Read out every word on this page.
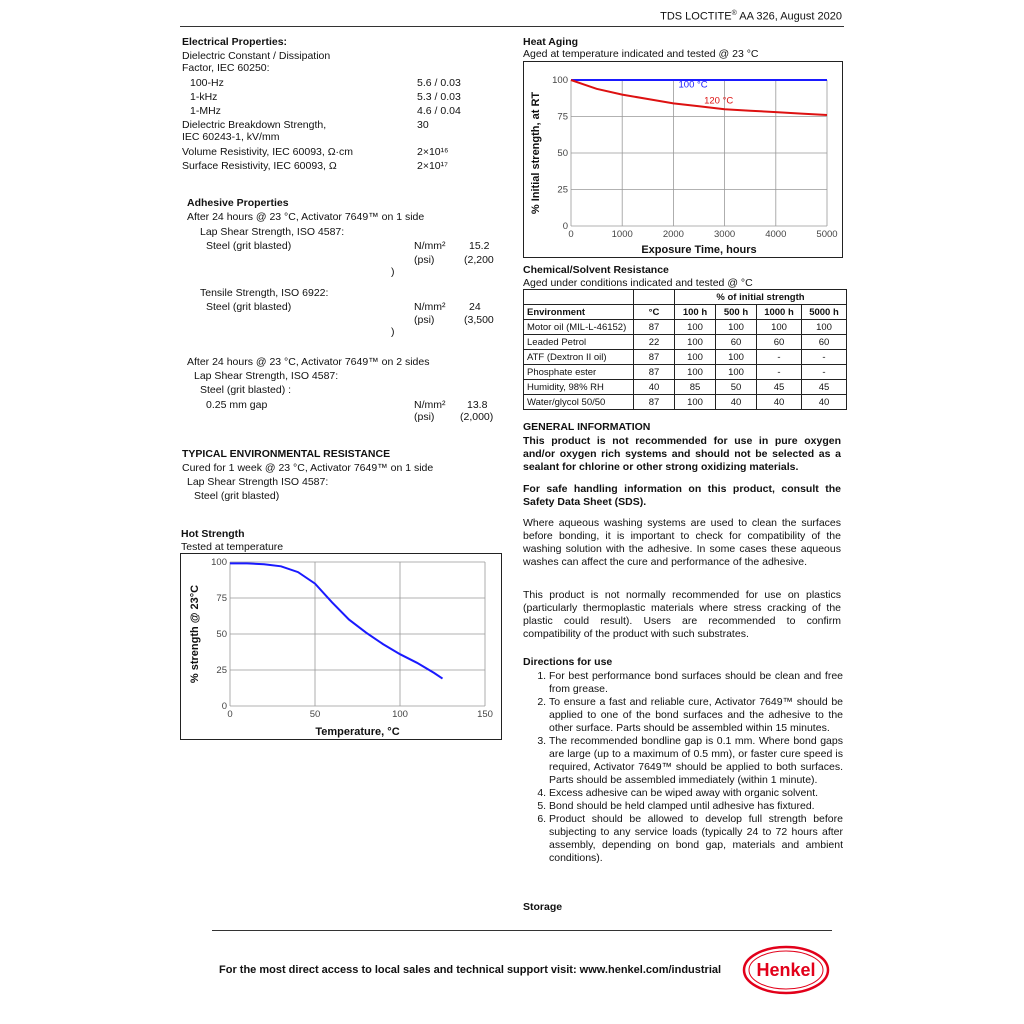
TDS LOCTITE® AA 326, August 2020
Electrical Properties:
Dielectric Constant / Dissipation
Factor, IEC 60250:
100-Hz	5.6 / 0.03
1-kHz	5.3 / 0.03
1-MHz	4.6 / 0.04
Dielectric Breakdown Strength,	30
IEC 60243-1, kV/mm
Volume Resistivity, IEC 60093, Ω·cm	2×10¹⁶
Surface Resistivity, IEC 60093, Ω	2×10¹⁷
Adhesive Properties
After 24 hours @ 23 °C, Activator 7649™ on 1 side
Lap Shear Strength, ISO 4587:
Steel (grit blasted)	N/mm² 15.2
(psi)	(2,200
)
Tensile Strength, ISO 6922:
Steel (grit blasted)	N/mm² 24
(psi)	(3,500
)
After 24 hours @ 23 °C, Activator 7649™ on 2 sides
Lap Shear Strength, ISO 4587:
Steel (grit blasted) :
0.25 mm gap	N/mm² 13.8
(psi) (2,000)
TYPICAL ENVIRONMENTAL RESISTANCE
Cured for 1 week @ 23 °C, Activator 7649™ on 1 side
Lap Shear Strength ISO 4587:
Steel (grit blasted)
Hot Strength
Tested at temperature
0	50	100	150
0
25
50
75
100
Temperature, °C
% strength @ 23°C
Heat Aging
Aged at temperature indicated and tested @ 23 °C
0	1000	2000	3000	4000	5000
0
25
50
75
100
Exposure Time, hours
% Initial strength, at RT
100 °C
120 °C
Chemical/Solvent Resistance
Aged under conditions indicated and tested @ °C
		% of initial strength			
Environment	°C	100 h	500 h	1000 h	5000 h
Motor oil (MIL-L-46152)	87	100	100	100	100
Leaded Petrol	22	100	60	60	60
ATF (Dextron II oil)	87	100	100	-	-
Phosphate ester	87	100	100	-	-
Humidity, 98% RH	40	85	50	45	45
Water/glycol 50/50	87	100	40	40	40
GENERAL INFORMATION
This product is not recommended for use in pure oxygen and/or oxygen rich systems and should not be selected as a sealant for chlorine or other strong oxidizing materials.
For safe handling information on this product, consult the Safety Data Sheet (SDS).
Where aqueous washing systems are used to clean the surfaces before bonding, it is important to check for compatibility of the washing solution with the adhesive. In some cases these aqueous washes can affect the cure and performance of the adhesive.
This product is not normally recommended for use on plastics (particularly thermoplastic materials where stress cracking of the plastic could result). Users are recommended to confirm compatibility of the product with such substrates.
Directions for use
1. For best performance bond surfaces should be clean and free from grease.
2. To ensure a fast and reliable cure, Activator 7649™ should be applied to one of the bond surfaces and the adhesive to the other surface. Parts should be assembled within 15 minutes.
3. The recommended bondline gap is 0.1 mm. Where bond gaps are large (up to a maximum of 0.5 mm), or faster cure speed is required, Activator 7649™ should be applied to both surfaces. Parts should be assembled immediately (within 1 minute).
4. Excess adhesive can be wiped away with organic solvent.
5. Bond should be held clamped until adhesive has fixtured.
6. Product should be allowed to develop full strength before subjecting to any service loads (typically 24 to 72 hours after assembly, depending on bond gap, materials and ambient conditions).
Storage
For the most direct access to local sales and technical support visit: www.henkel.com/industrial Henkel
